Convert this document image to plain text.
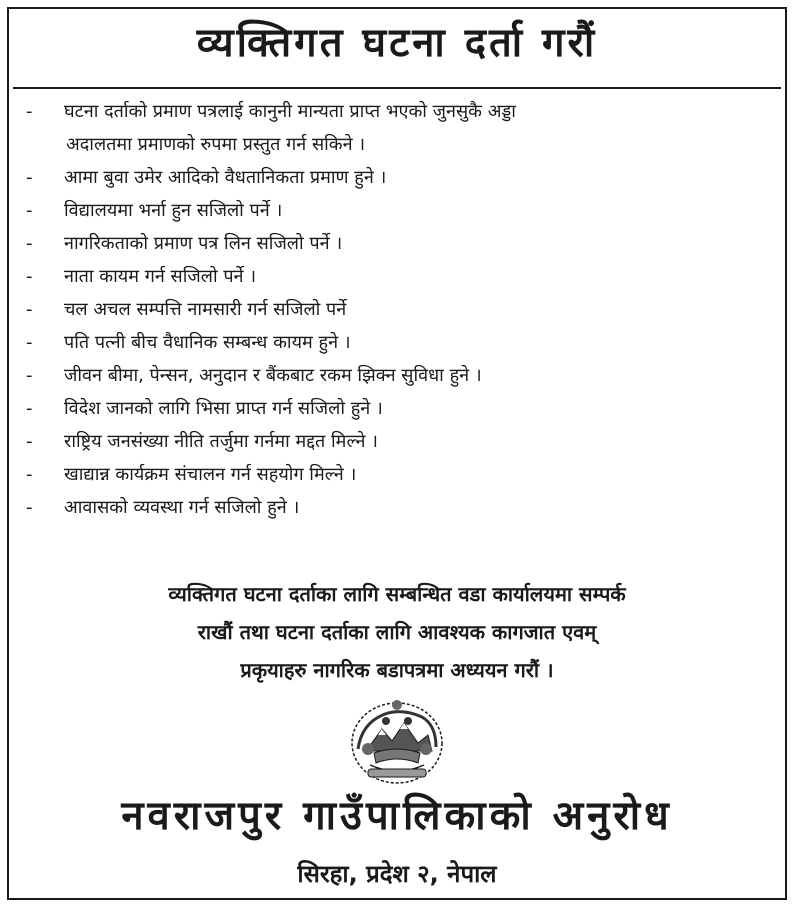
व्यक्तिगत घटना दर्ता गरौं
- घटना दर्ताको प्रमाण पत्रलाई कानुनी मान्यता प्राप्त भएको जुनसुकै अड्डा
अदालतमा प्रमाणको रुपमा प्रस्तुत गर्न सकिने ।
- आमा बुवा उमेर आदिको वैधतानिकता प्रमाण हुने ।
- विद्यालयमा भर्ना हुन सजिलो पर्ने ।
- नागरिकताको प्रमाण पत्र लिन सजिलो पर्ने ।
- नाता कायम गर्न सजिलो पर्ने ।
- चल अचल सम्पत्ति नामसारी गर्न सजिलो पर्ने
- पति पत्नी बीच वैधानिक सम्बन्ध कायम हुने ।
- जीवन बीमा, पेन्सन, अनुदान र बैंकबाट रकम झिक्न सुविधा हुने ।
- विदेश जानको लागि भिसा प्राप्त गर्न सजिलो हुने ।
- राष्ट्रिय जनसंख्या नीति तर्जुमा गर्नमा मद्दत मिल्ने ।
- खाद्यान्न कार्यक्रम संचालन गर्न सहयोग मिल्ने ।
- आवासको व्यवस्था गर्न सजिलो हुने ।
व्यक्तिगत घटना दर्ताका लागि सम्बन्धित वडा कार्यालयमा सम्पर्क
राखौं तथा घटना दर्ताका लागि आवश्यक कागजात एवम्
प्रकृयाहरु नागरिक बडापत्रमा अध्ययन गरौं ।
नवराजपुर गाउँपालिकाको अनुरोध
सिरहा, प्रदेश २, नेपाल
